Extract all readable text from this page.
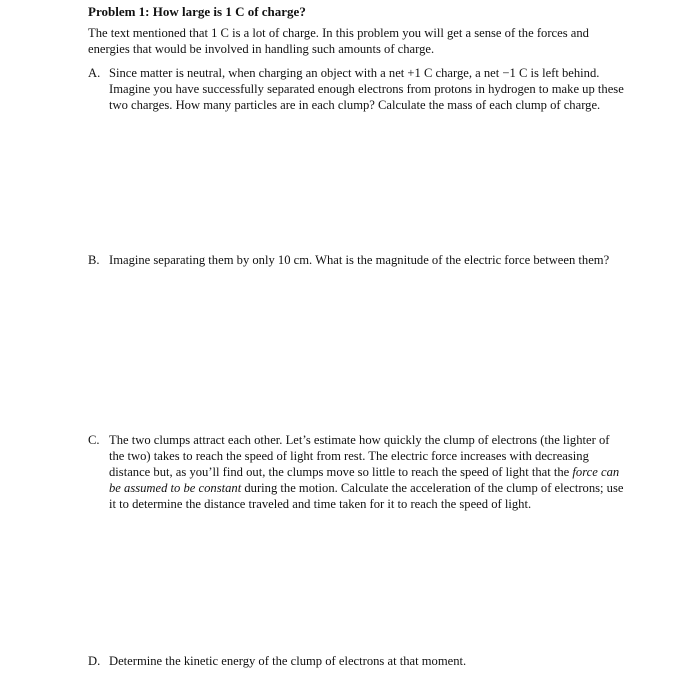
Problem 1: How large is 1 C of charge?
The text mentioned that 1 C is a lot of charge. In this problem you will get a sense of the forces and
energies that would be involved in handling such amounts of charge.
A. Since matter is neutral, when charging an object with a net +1 C charge, a net −1 C is left behind.
Imagine you have successfully separated enough electrons from protons in hydrogen to make up these
two charges. How many particles are in each clump? Calculate the mass of each clump of charge.
B. Imagine separating them by only 10 cm. What is the magnitude of the electric force between them?
C. The two clumps attract each other. Let’s estimate how quickly the clump of electrons (the lighter of
the two) takes to reach the speed of light from rest. The electric force increases with decreasing
distance but, as you’ll find out, the clumps move so little to reach the speed of light that the force can
be assumed to be constant during the motion. Calculate the acceleration of the clump of electrons; use
it to determine the distance traveled and time taken for it to reach the speed of light.
D. Determine the kinetic energy of the clump of electrons at that moment.
